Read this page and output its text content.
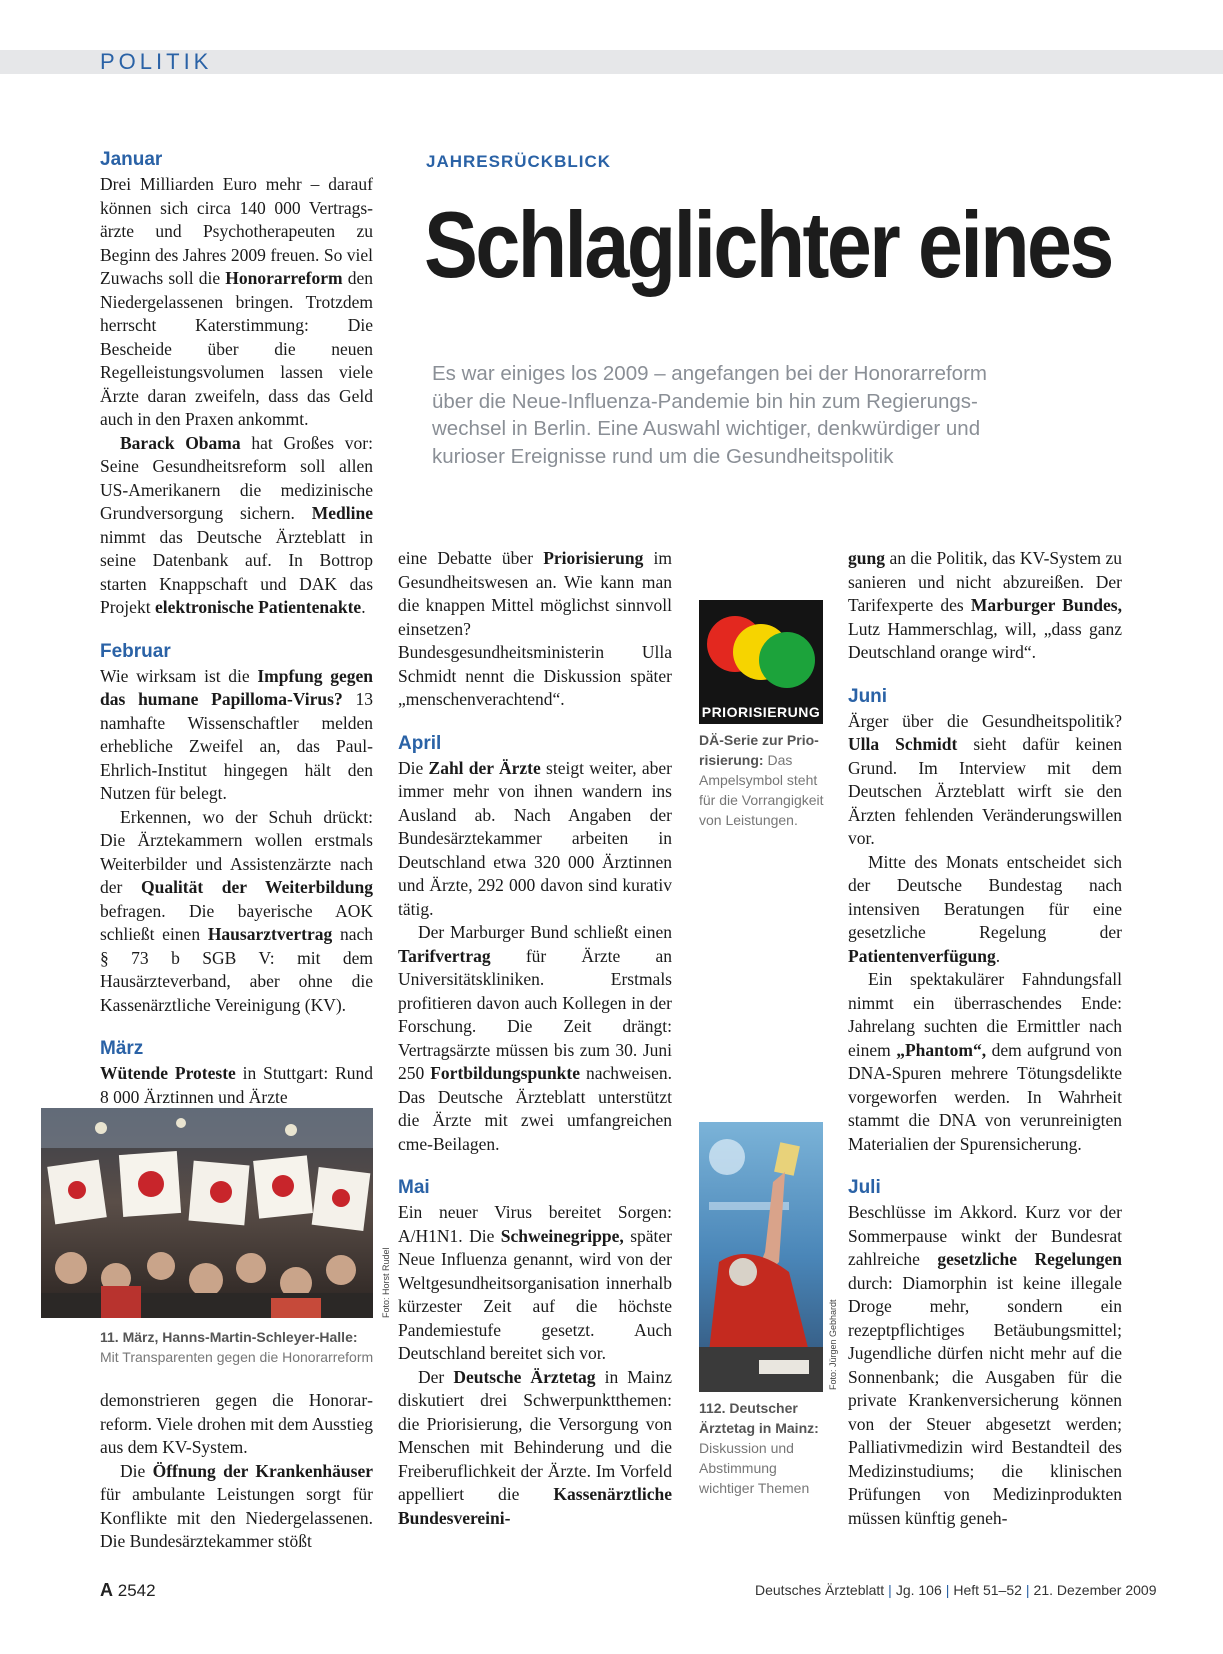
POLITIK
JAHRESRÜCKBLICK
Schlaglichter eines

Es war einiges los 2009 – angefangen bei der Honorarreform

über die Neue-Influenza-Pandemie bin hin zum Regierungs-

wechsel in Berlin. Eine Auswahl wichtiger, denkwürdiger und

kurioser Ereignisse rund um die Gesundheitspolitik

Januar

Drei Milliarden Euro mehr – darauf können sich circa 140 000 Vertragsärzte und Psychotherapeuten zu Beginn des Jahres 2009 freuen. So viel Zuwachs soll die Honorarreform den Niedergelassenen bringen. Trotzdem herrscht Katerstimmung: Die Bescheide über die neuen Regelleistungsvolumen lassen viele Ärzte daran zweifeln, dass das Geld auch in den Praxen ankommt.

Barack Obama hat Großes vor: Seine Gesundheitsreform soll allen US-Amerikanern die medizinische Grundversorgung sichern. Medline nimmt das Deutsche Ärzteblatt in seine Datenbank auf. In Bottrop starten Knappschaft und DAK das Projekt elektronische Patientenakte.

Februar

Wie wirksam ist die Impfung gegen das humane Papilloma-Virus? 13 namhafte Wissenschaftler melden erhebliche Zweifel an, das Paul-Ehrlich-Institut hingegen hält den Nutzen für belegt.

Erkennen, wo der Schuh drückt: Die Ärztekammern wollen erstmals Weiterbilder und Assistenzärzte nach der Qualität der Weiterbildung befragen. Die bayerische AOK schließt einen Hausarztvertrag nach § 73 b SGB V: mit dem Hausärzteverband, aber ohne die Kassenärztliche Vereinigung (KV).

März

Wütende Proteste in Stuttgart: Rund 8 000 Ärztinnen und Ärzte

Foto: Horst Rudel
11. März, Hanns-Martin-Schleyer-Halle:
Mit Transparenten gegen die Honorarreform

demonstrieren gegen die Honorarreform. Viele drohen mit dem Ausstieg aus dem KV-System.

Die Öffnung der Krankenhäuser für ambulante Leistungen sorgt für Konflikte mit den Niedergelassenen. Die Bundesärztekammer stößt

eine Debatte über Priorisierung im Gesundheitswesen an. Wie kann man die knappen Mittel möglichst sinnvoll einsetzen? Bundesgesundheitsministerin Ulla Schmidt nennt die Diskussion später „menschenverachtend“.

April

Die Zahl der Ärzte steigt weiter, aber immer mehr von ihnen wandern ins Ausland ab. Nach Angaben der Bundesärztekammer arbeiten in Deutschland etwa 320 000 Ärztinnen und Ärzte, 292 000 davon sind kurativ tätig.

Der Marburger Bund schließt einen Tarifvertrag für Ärzte an Universitätskliniken. Erstmals profitieren davon auch Kollegen in der Forschung. Die Zeit drängt: Vertragsärzte müssen bis zum 30. Juni 250 Fortbildungspunkte nachweisen. Das Deutsche Ärzteblatt unterstützt die Ärzte mit zwei umfangreichen cme-Beilagen.

Mai

Ein neuer Virus bereitet Sorgen: A/H1N1. Die Schweinegrippe, später Neue Influenza genannt, wird von der Weltgesundheitsorganisation innerhalb kürzester Zeit auf die höchste Pandemiestufe gesetzt. Auch Deutschland bereitet sich vor.

Der Deutsche Ärztetag in Mainz diskutiert drei Schwerpunktthemen: die Priorisierung, die Versorgung von Menschen mit Behinderung und die Freiberuflichkeit der Ärzte. Im Vorfeld appelliert die Kassenärztliche Bundesvereini-

PRIORISIERUNG
DÄ-Serie zur Priorisierung: Das Ampelsymbol steht für die Vorrangigkeit von Leistungen.
Foto: Jürgen Gebhardt
112. Deutscher Ärztetag in Mainz: Diskussion und Abstimmung wichtiger Themen

gung an die Politik, das KV-System zu sanieren und nicht abzureißen. Der Tarifexperte des Marburger Bundes, Lutz Hammerschlag, will, „dass ganz Deutschland orange wird“.

Juni

Ärger über die Gesundheitspolitik? Ulla Schmidt sieht dafür keinen Grund. Im Interview mit dem Deutschen Ärzteblatt wirft sie den Ärzten fehlenden Veränderungswillen vor.

Mitte des Monats entscheidet sich der Deutsche Bundestag nach intensiven Beratungen für eine gesetzliche Regelung der Patientenverfügung.

Ein spektakulärer Fahndungsfall nimmt ein überraschendes Ende: Jahrelang suchten die Ermittler nach einem „Phantom“, dem aufgrund von DNA-Spuren mehrere Tötungsdelikte vorgeworfen werden. In Wahrheit stammt die DNA von verunreinigten Materialien der Spurensicherung.

Juli

Beschlüsse im Akkord. Kurz vor der Sommerpause winkt der Bundesrat zahlreiche gesetzliche Regelungen durch: Diamorphin ist keine illegale Droge mehr, sondern ein rezeptpflichtiges Betäubungsmittel; Jugendliche dürfen nicht mehr auf die Sonnenbank; die Ausgaben für die private Krankenversicherung können von der Steuer abgesetzt werden; Palliativmedizin wird Bestandteil des Medizinstudiums; die klinischen Prüfungen von Medizinprodukten müssen künftig geneh-

A 2542	Deutsches Ärzteblatt | Jg. 106 | Heft 51–52 | 21. Dezember 2009
